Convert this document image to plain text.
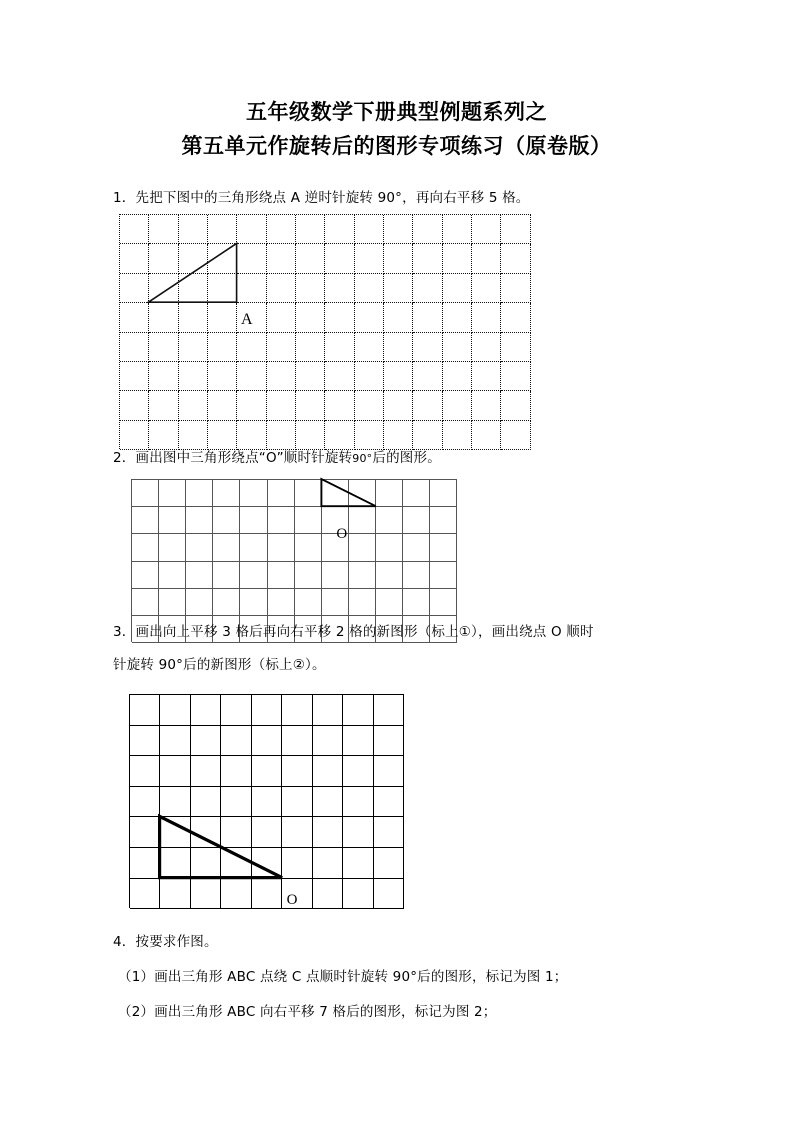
五年级数学下册典型例题系列之
第五单元作旋转后的图形专项练习（原卷版）
1．先把下图中的三角形绕点 A 逆时针旋转 90°，再向右平移 5 格。
A
2．画出图中三角形绕点“O”顺时针旋转90°后的图形。
O
3．画出向上平移 3 格后再向右平移 2 格的新图形（标上①），画出绕点 O 顺时
针旋转 90°后的新图形（标上②）。
O
4．按要求作图。
（1）画出三角形 ABC 点绕 C 点顺时针旋转 90°后的图形，标记为图 1；
（2）画出三角形 ABC 向右平移 7 格后的图形，标记为图 2；
